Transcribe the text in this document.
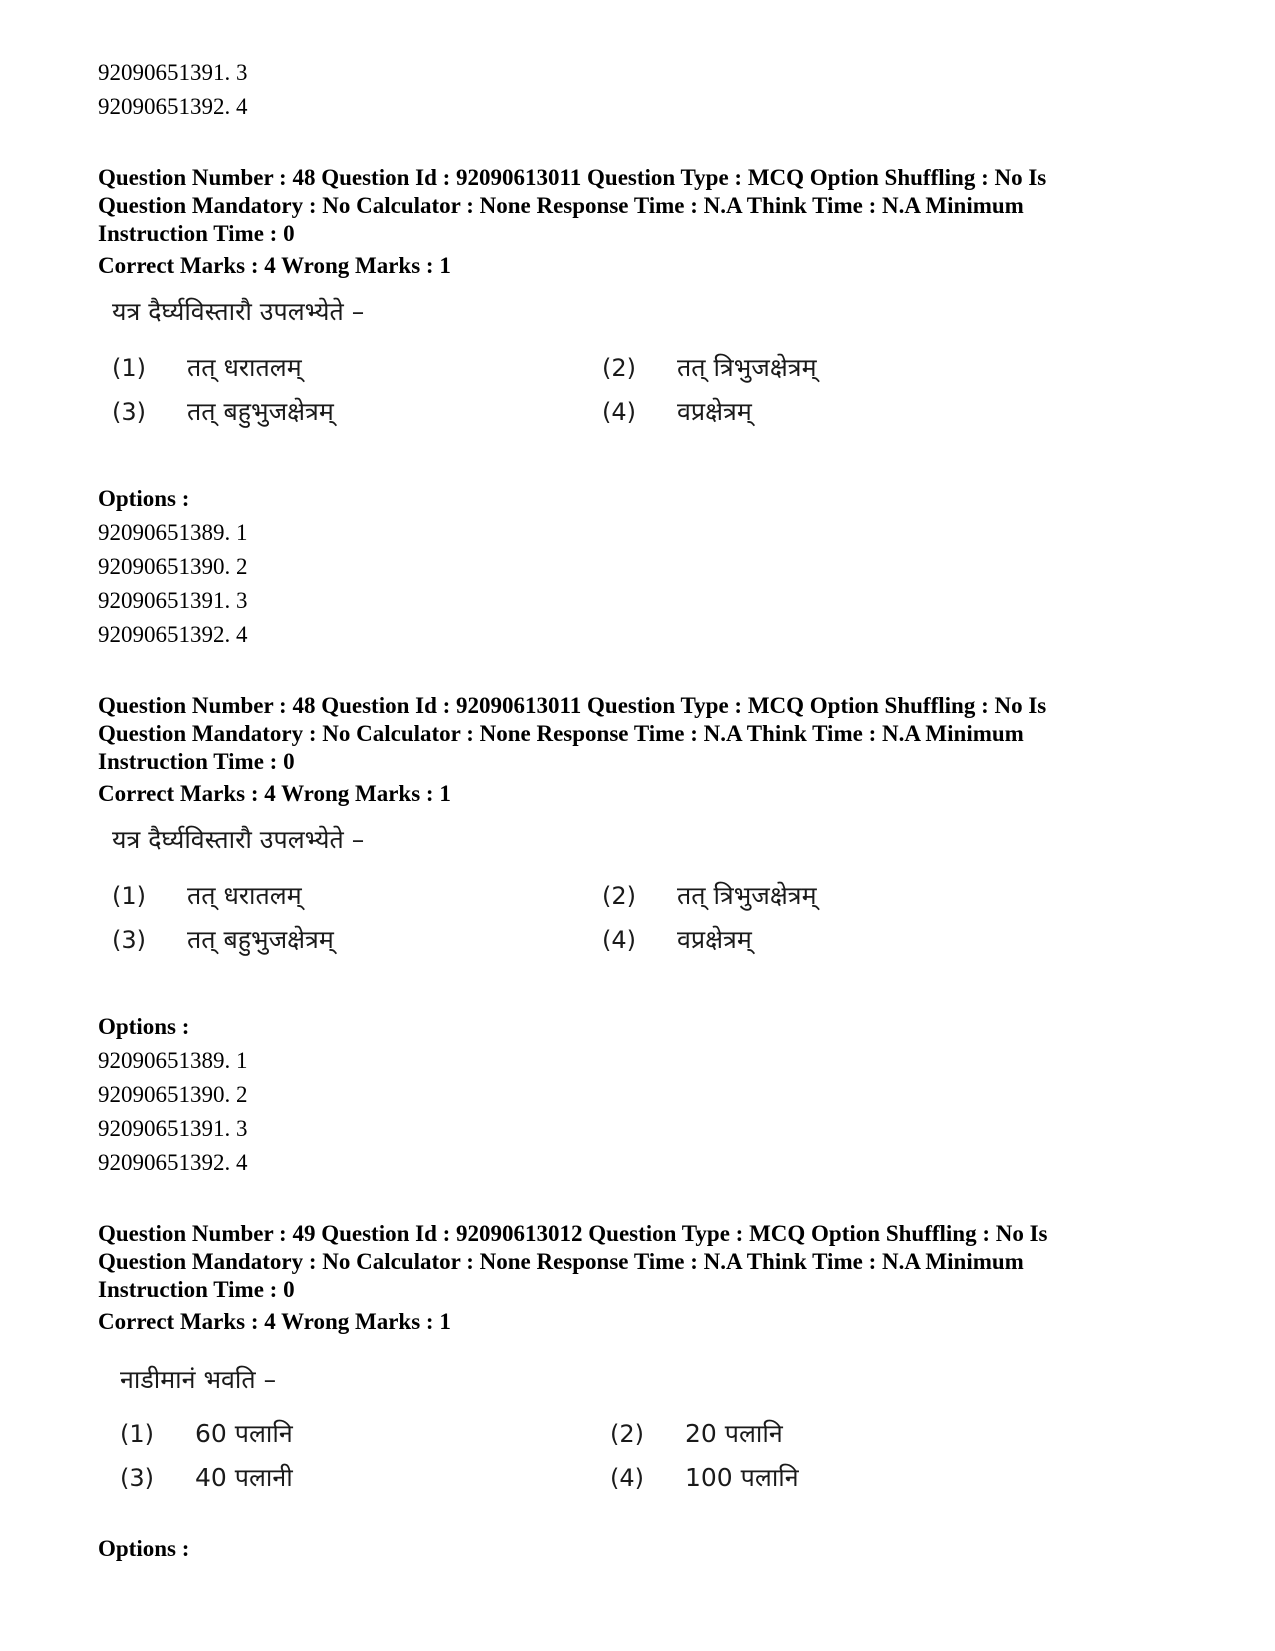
92090651391. 3
92090651392. 4
Question Number : 48 Question Id : 92090613011 Question Type : MCQ Option Shuffling : No Is
Question Mandatory : No Calculator : None Response Time : N.A Think Time : N.A Minimum
Instruction Time : 0
Correct Marks : 4 Wrong Marks : 1
यत्र दैर्घ्यविस्तारौ उपलभ्येते –
(1)	तत् धरातलम्	(2)	तत् त्रिभुजक्षेत्रम्
(3)	तत् बहुभुजक्षेत्रम्	(4)	वप्रक्षेत्रम्
Options :
92090651389. 1
92090651390. 2
92090651391. 3
92090651392. 4
Question Number : 48 Question Id : 92090613011 Question Type : MCQ Option Shuffling : No Is
Question Mandatory : No Calculator : None Response Time : N.A Think Time : N.A Minimum
Instruction Time : 0
Correct Marks : 4 Wrong Marks : 1
यत्र दैर्घ्यविस्तारौ उपलभ्येते –
(1)	तत् धरातलम्	(2)	तत् त्रिभुजक्षेत्रम्
(3)	तत् बहुभुजक्षेत्रम्	(4)	वप्रक्षेत्रम्
Options :
92090651389. 1
92090651390. 2
92090651391. 3
92090651392. 4
Question Number : 49 Question Id : 92090613012 Question Type : MCQ Option Shuffling : No Is
Question Mandatory : No Calculator : None Response Time : N.A Think Time : N.A Minimum
Instruction Time : 0
Correct Marks : 4 Wrong Marks : 1
नाडीमानं भवति –
(1)	60 पलानि	(2)	20 पलानि
(3)	40 पलानी	(4)	100 पलानि
Options :
